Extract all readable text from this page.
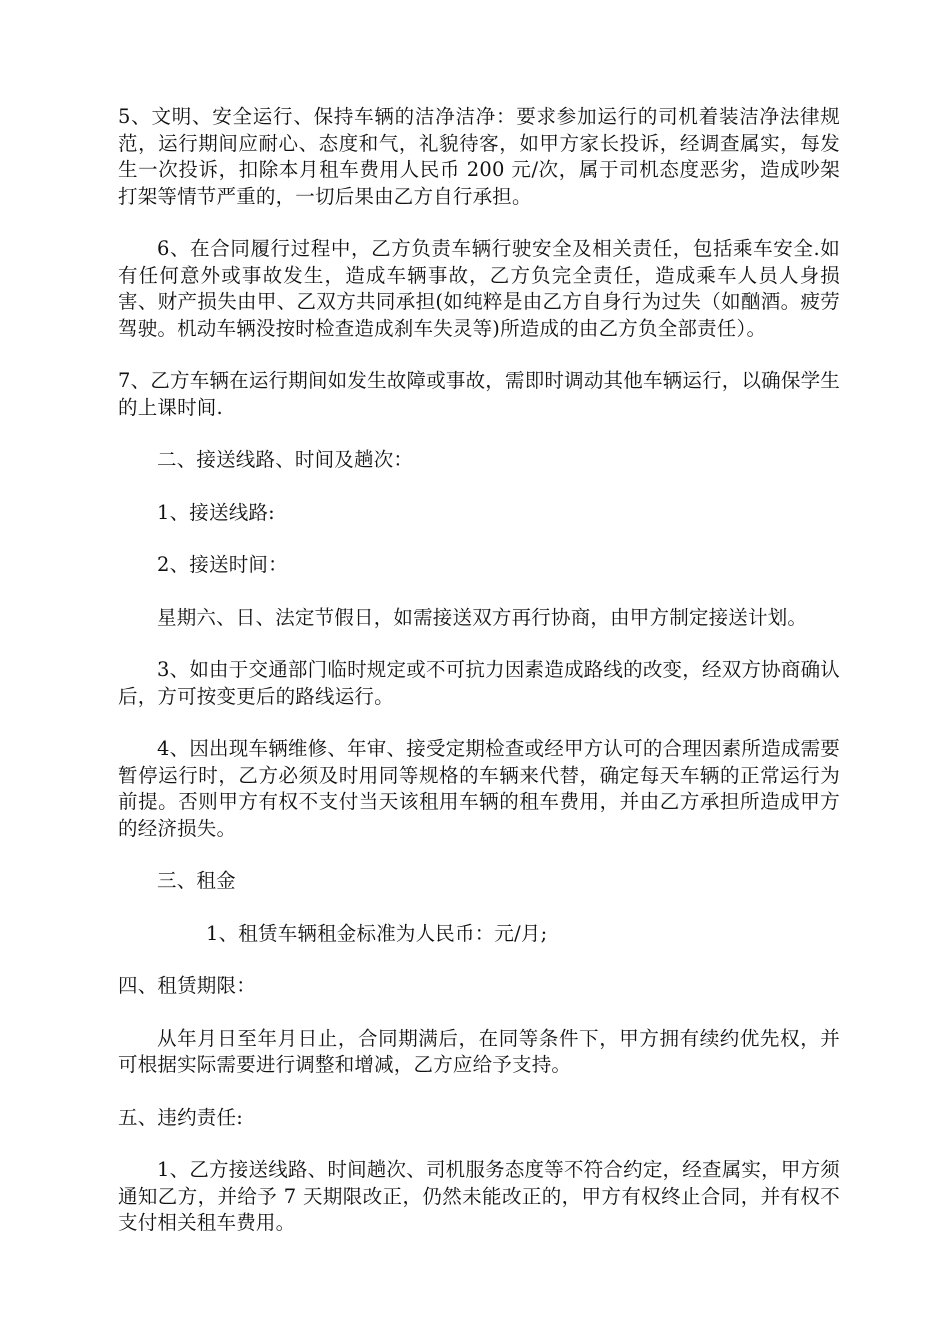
5、文明、安全运行、保持车辆的洁净洁净：要求参加运行的司机着装洁净法律规范，运行期间应耐心、态度和气，礼貌待客，如甲方家长投诉，经调查属实，每发生一次投诉，扣除本月租车费用人民币 200 元/次，属于司机态度恶劣，造成吵架打架等情节严重的，一切后果由乙方自行承担。

6、在合同履行过程中，乙方负责车辆行驶安全及相关责任，包括乘车安全.如有任何意外或事故发生，造成车辆事故，乙方负完全责任，造成乘车人员人身损害、财产损失由甲、乙双方共同承担(如纯粹是由乙方自身行为过失（如酗酒。疲劳驾驶。机动车辆没按时检查造成刹车失灵等)所造成的由乙方负全部责任）。

7、乙方车辆在运行期间如发生故障或事故，需即时调动其他车辆运行，以确保学生的上课时间.

二、接送线路、时间及趟次：

1、接送线路:

2、接送时间：

星期六、日、法定节假日，如需接送双方再行协商，由甲方制定接送计划。

3、如由于交通部门临时规定或不可抗力因素造成路线的改变，经双方协商确认后，方可按变更后的路线运行。

4、因出现车辆维修、年审、接受定期检查或经甲方认可的合理因素所造成需要暂停运行时，乙方必须及时用同等规格的车辆来代替，确定每天车辆的正常运行为前提。否则甲方有权不支付当天该租用车辆的租车费用，并由乙方承担所造成甲方的经济损失。

三、租金

1、租赁车辆租金标准为人民币：元/月;

四、租赁期限：

从年月日至年月日止，合同期满后，在同等条件下，甲方拥有续约优先权，并可根据实际需要进行调整和增减，乙方应给予支持。

五、违约责任:

1、乙方接送线路、时间趟次、司机服务态度等不符合约定，经查属实，甲方须通知乙方，并给予 7 天期限改正，仍然未能改正的，甲方有权终止合同，并有权不支付相关租车费用。
